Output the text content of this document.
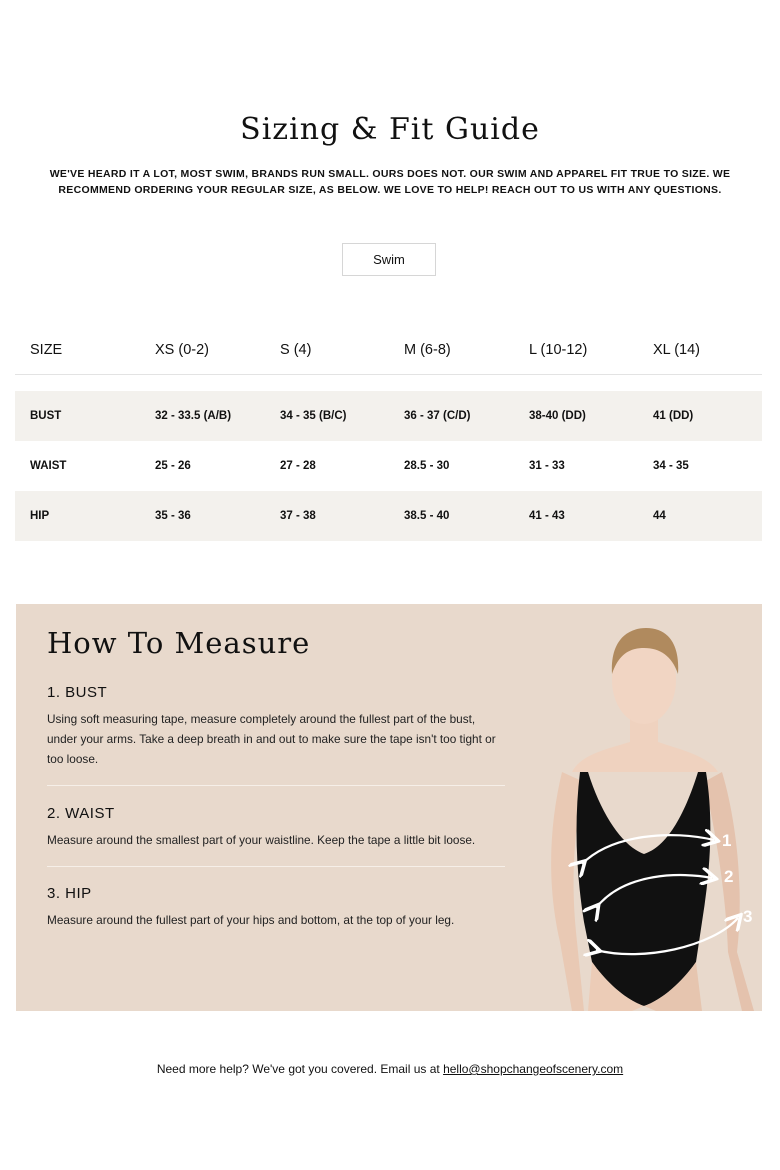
Sizing & Fit Guide
WE'VE HEARD IT A LOT, MOST SWIM, BRANDS RUN SMALL. OURS DOES NOT. OUR SWIM AND APPAREL FIT TRUE TO SIZE. WE RECOMMEND ORDERING YOUR REGULAR SIZE, AS BELOW. WE LOVE TO HELP! REACH OUT TO US WITH ANY QUESTIONS.
Swim
SIZE	XS (0-2)	S (4)	M (6-8)	L (10-12)	XL (14)
BUST	32 - 33.5 (A/B)	34 - 35 (B/C)	36 - 37 (C/D)	38-40 (DD)	41 (DD)
WAIST	25 - 26	27 - 28	28.5 - 30	31 - 33	34 - 35
HIP	35 - 36	37 - 38	38.5 - 40	41 - 43	44
How To Measure
1. BUST

Using soft measuring tape, measure completely around the fullest part of the bust, under your arms. Take a deep breath in and out to make sure the tape isn't too tight or too loose.

2. WAIST

Measure around the smallest part of your waistline. Keep the tape a little bit loose.

3. HIP

Measure around the fullest part of your hips and bottom, at the top of your leg.

1
2
3
Need more help? We've got you covered. Email us at hello@shopchangeofscenery.com
